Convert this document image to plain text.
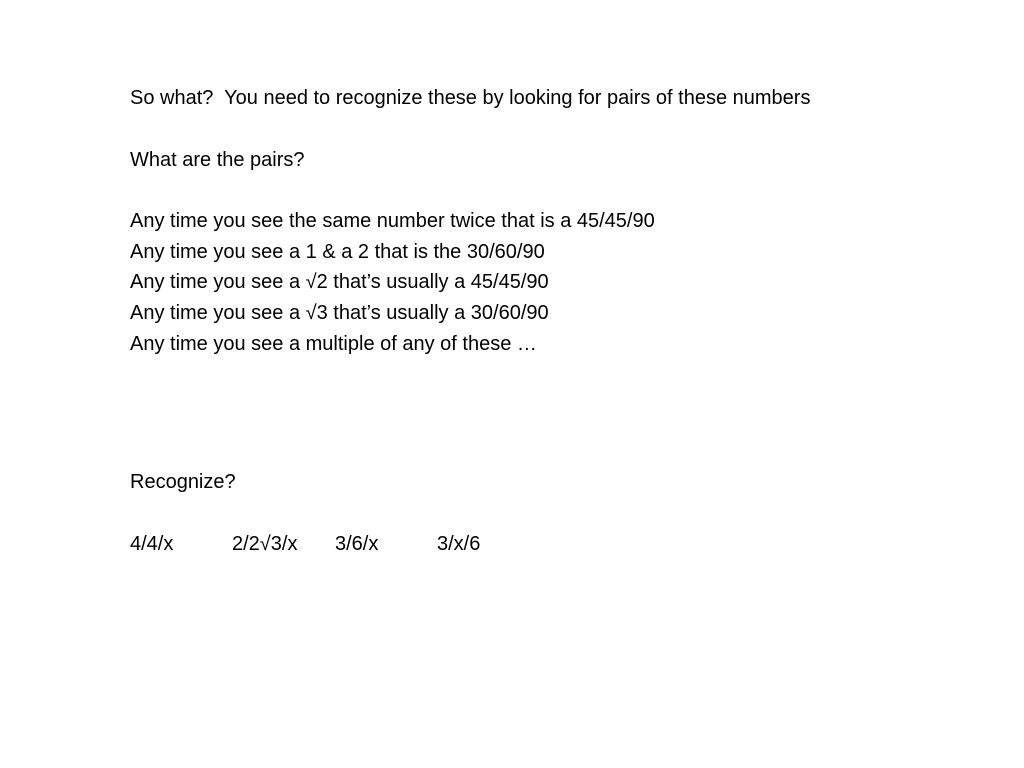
So what?  You need to recognize these by looking for pairs of these numbers

What are the pairs?

Any time you see the same number twice that is a 45/45/90

Any time you see a 1 & a 2 that is the 30/60/90

Any time you see a √2 that’s usually a 45/45/90

Any time you see a √3 that’s usually a 30/60/90

Any time you see a multiple of any of these …

Recognize?

4/4/x	2/2√3/x 3/6/x	3/x/6
